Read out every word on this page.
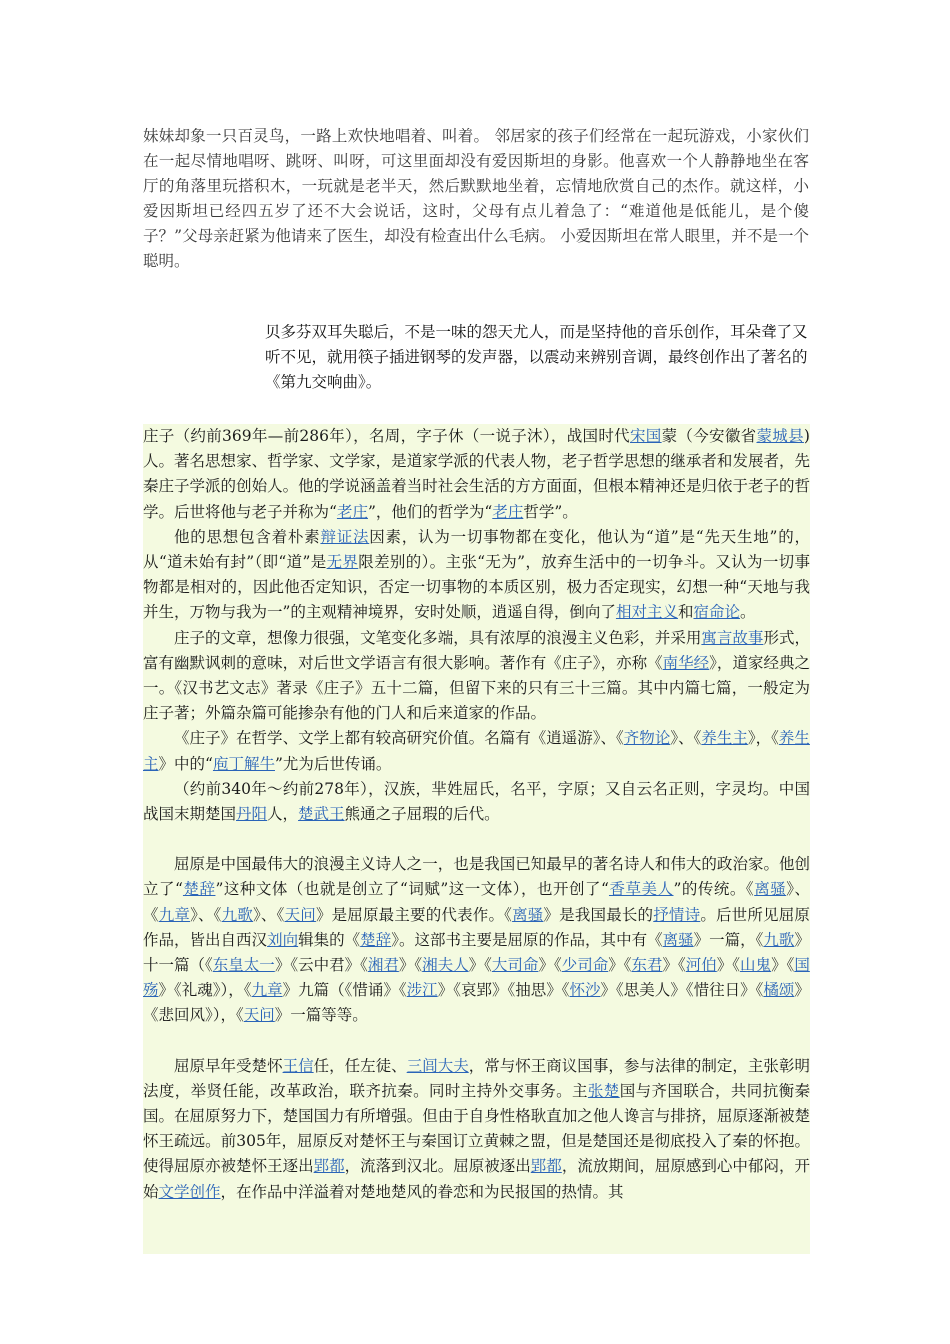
妹妹却象一只百灵鸟，一路上欢快地唱着、叫着。 邻居家的孩子们经常在一起玩游戏，小家伙们在一起尽情地唱呀、跳呀、叫呀，可这里面却没有爱因斯坦的身影。他喜欢一个人静静地坐在客厅的角落里玩搭积木，一玩就是老半天，然后默默地坐着，忘情地欣赏自己的杰作。就这样，小爱因斯坦已经四五岁了还不大会说话，这时，父母有点儿着急了：“难道他是低能儿，是个傻子？”父母亲赶紧为他请来了医生，却没有检查出什么毛病。 小爱因斯坦在常人眼里，并不是一个聪明。

贝多芬双耳失聪后，不是一味的怨天尤人，而是坚持他的音乐创作，耳朵聋了又听不见，就用筷子插进钢琴的发声器，以震动来辨别音调，最终创作出了著名的《第九交响曲》。

庄子（约前369年—前286年），名周，字子休（一说子沐），战国时代宋国蒙（今安徽省蒙城县)人。著名思想家、哲学家、文学家，是道家学派的代表人物，老子哲学思想的继承者和发展者，先秦庄子学派的创始人。他的学说涵盖着当时社会生活的方方面面，但根本精神还是归依于老子的哲学。后世将他与老子并称为“老庄”，他们的哲学为“老庄哲学”。

他的思想包含着朴素辩证法因素，认为一切事物都在变化，他认为“道”是“先天生地”的，从“道未始有封”（即“道”是无界限差别的）。主张“无为”，放弃生活中的一切争斗。又认为一切事物都是相对的，因此他否定知识，否定一切事物的本质区别，极力否定现实，幻想一种“天地与我并生，万物与我为一”的主观精神境界，安时处顺，逍遥自得，倒向了相对主义和宿命论。

庄子的文章，想像力很强，文笔变化多端，具有浓厚的浪漫主义色彩，并采用寓言故事形式，富有幽默讽刺的意味，对后世文学语言有很大影响。著作有《庄子》，亦称《南华经》，道家经典之一。《汉书艺文志》著录《庄子》五十二篇，但留下来的只有三十三篇。其中内篇七篇，一般定为庄子著；外篇杂篇可能掺杂有他的门人和后来道家的作品。

《庄子》在哲学、文学上都有较高研究价值。名篇有《逍遥游》、《齐物论》、《养生主》，《养生主》中的“庖丁解牛”尤为后世传诵。

（约前340年～约前278年），汉族，芈姓屈氏，名平，字原；又自云名正则，字灵均。中国战国末期楚国丹阳人，楚武王熊通之子屈瑕的后代。

屈原是中国最伟大的浪漫主义诗人之一，也是我国已知最早的著名诗人和伟大的政治家。他创立了“楚辞”这种文体（也就是创立了“词赋”这一文体），也开创了“香草美人”的传统。《离骚》、《九章》、《九歌》、《天问》是屈原最主要的代表作。《离骚》是我国最长的抒情诗。后世所见屈原作品，皆出自西汉刘向辑集的《楚辞》。这部书主要是屈原的作品，其中有《离骚》一篇，《九歌》十一篇（《东皇太一》《云中君》《湘君》《湘夫人》《大司命》《少司命》《东君》《河伯》《山鬼》《国殇》《礼魂》），《九章》九篇（《惜诵》《涉江》《哀郢》《抽思》《怀沙》《思美人》《惜往日》《橘颂》《悲回风》），《天问》一篇等等。

屈原早年受楚怀王信任，任左徒、三闾大夫，常与怀王商议国事，参与法律的制定，主张彰明法度，举贤任能，改革政治，联齐抗秦。同时主持外交事务。主张楚国与齐国联合，共同抗衡秦国。在屈原努力下，楚国国力有所增强。但由于自身性格耿直加之他人谗言与排挤，屈原逐渐被楚怀王疏远。前305年，屈原反对楚怀王与秦国订立黄棘之盟，但是楚国还是彻底投入了秦的怀抱。使得屈原亦被楚怀王逐出郢都，流落到汉北。屈原被逐出郢都，流放期间，屈原感到心中郁闷，开始文学创作，在作品中洋溢着对楚地楚风的眷恋和为民报国的热情。其
